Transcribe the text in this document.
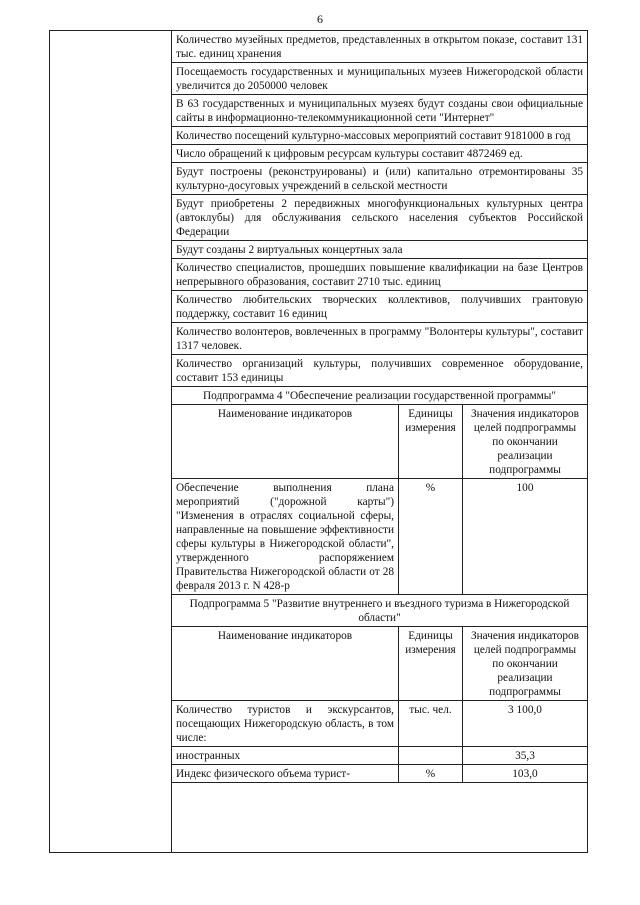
6
Количество музейных предметов, представленных в открытом показе, составит 131 тыс. единиц хранения
Посещаемость государственных и муниципальных музеев Нижегородской области увеличится до 2050000 человек
В 63 государственных и муниципальных музеях будут созданы свои официальные сайты в информационно-телекоммуникационной сети "Интернет"
Количество посещений культурно-массовых мероприятий составит 9181000 в год
Число обращений к цифровым ресурсам культуры составит 4872469 ед.
Будут построены (реконструированы) и (или) капитально отремонтированы 35 культурно-досуговых учреждений в сельской местности
Будут приобретены 2 передвижных многофункциональных культурных центра (автоклубы) для обслуживания сельского населения субъектов Российской Федерации
Будут созданы 2 виртуальных концертных зала
Количество специалистов, прошедших повышение квалификации на базе Центров непрерывного образования, составит 2710 тыс. единиц
Количество любительских творческих коллективов, получивших грантовую поддержку, составит 16 единиц
Количество волонтеров, вовлеченных в программу "Волонтеры культуры", составит 1317 человек.
Количество организаций культуры, получивших современное оборудование, составит 153 единицы
Подпрограмма 4 "Обеспечение реализации государственной программы"
Наименование индикаторов	Единицы измерения	Значения индикаторов целей подпрограммы по окончании реализации подпрограммы
Обеспечение выполнения плана мероприятий ("дорожной карты") "Изменения в отраслях социальной сферы, направленные на повышение эффективности сферы культуры в Нижегородской области", утвержденного распоряжением Правительства Нижегородской области от 28 февраля 2013 г. N 428-р	%	100
Подпрограмма 5 "Развитие внутреннего и въездного туризма в Нижегородской области"
Наименование индикаторов	Единицы измерения	Значения индикаторов целей подпрограммы по окончании реализации подпрограммы
Количество туристов и экскурсантов, посещающих Нижегородскую область, в том числе:	тыс. чел.	3 100,0
иностранных		35,3
Индекс физического объема турист-	%	103,0
